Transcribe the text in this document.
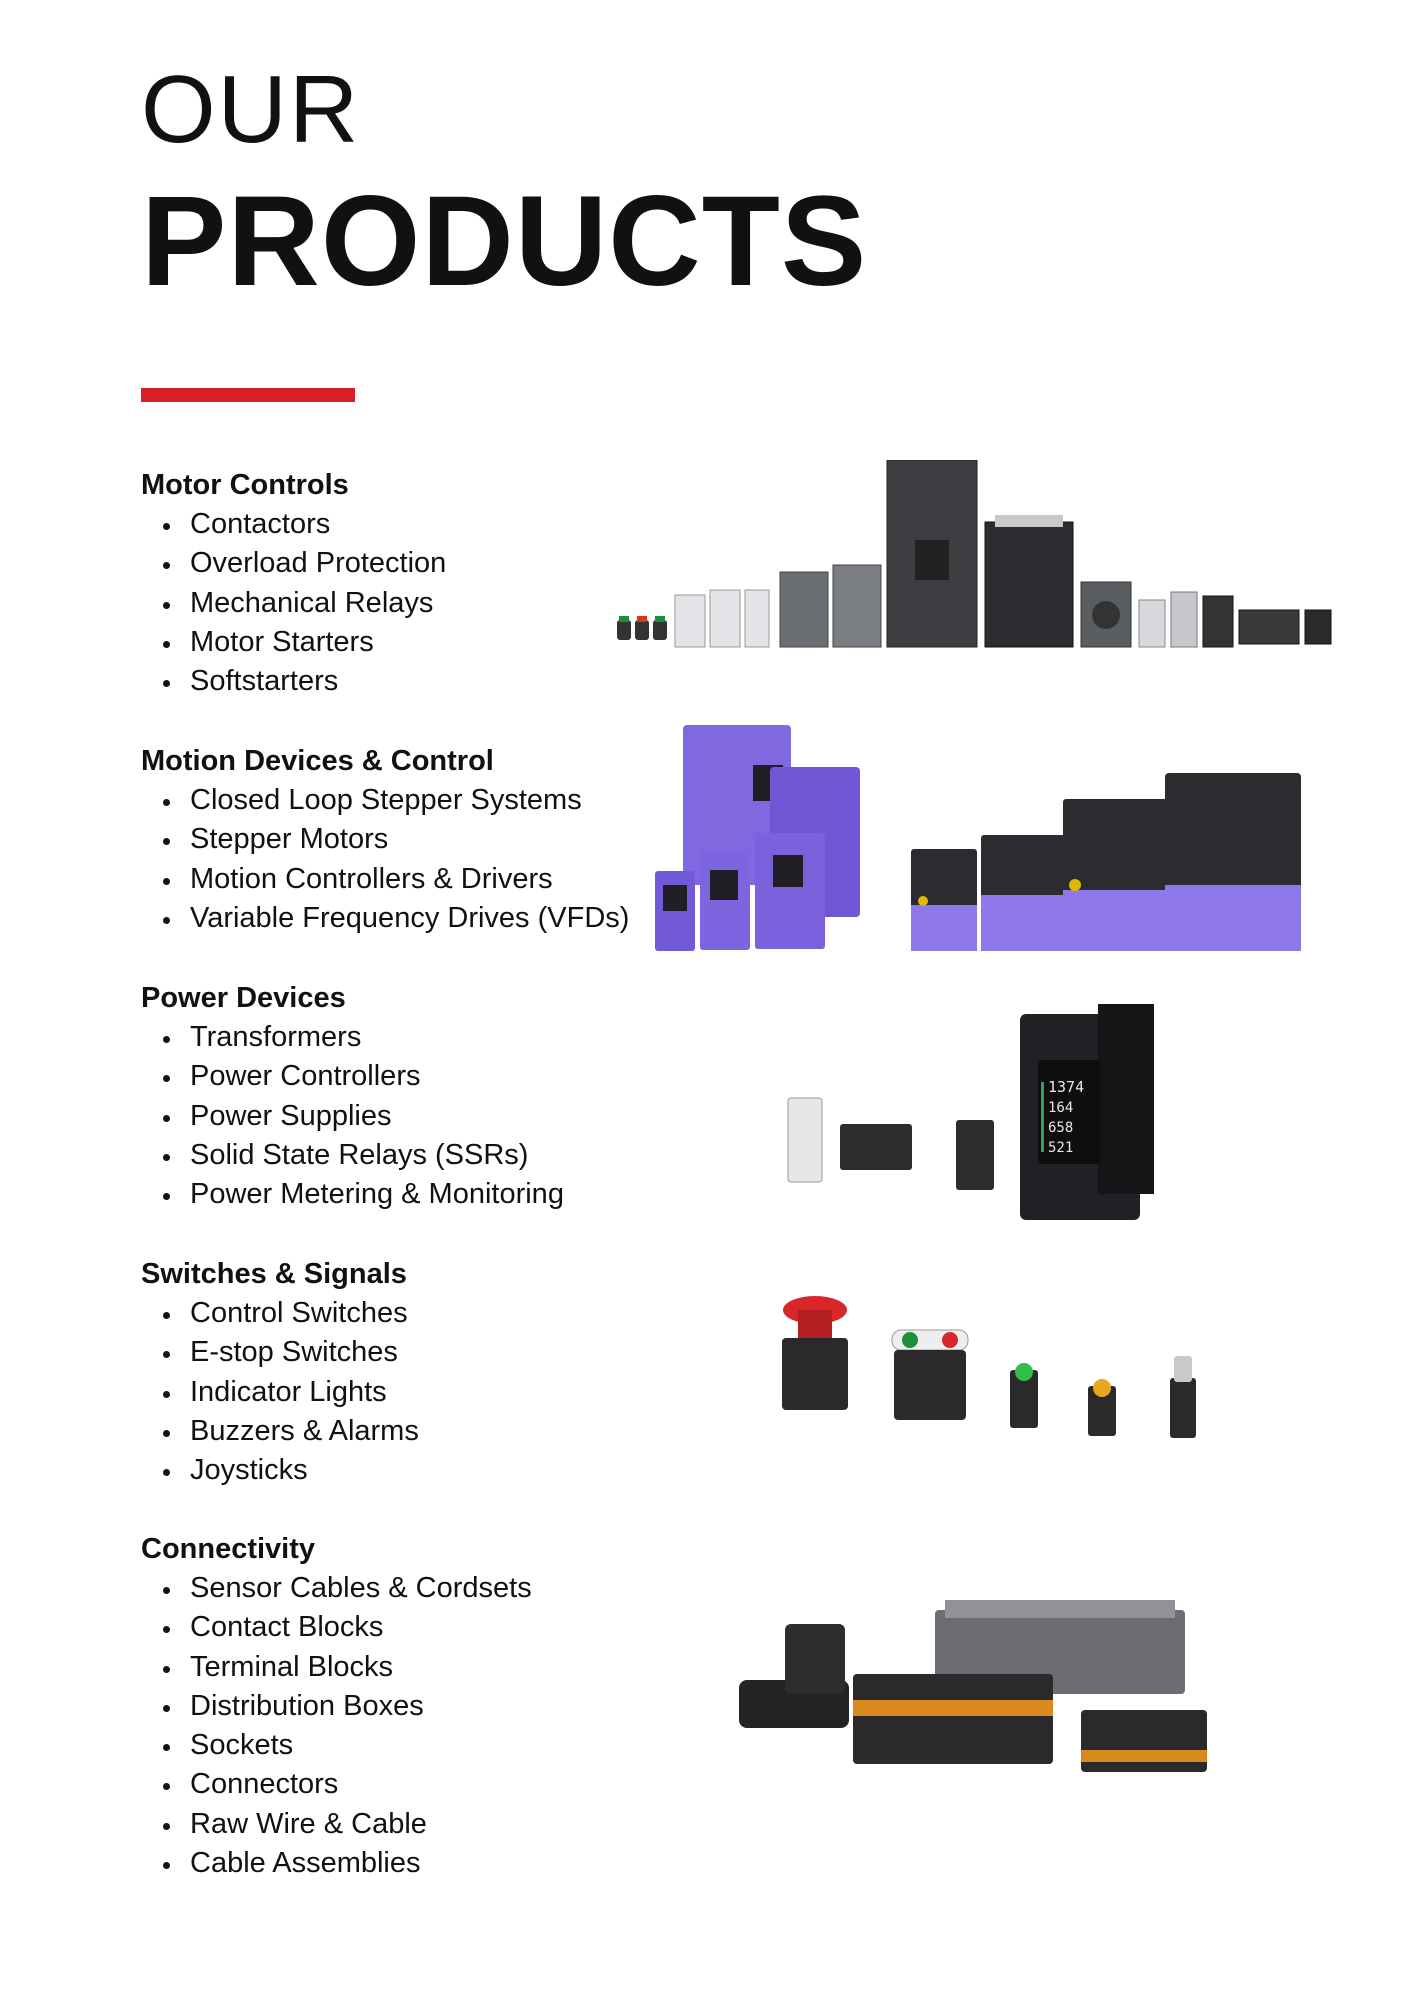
OUR
PRODUCTS
Motor Controls
Contactors
Overload Protection
Mechanical Relays
Motor Starters
Softstarters
Motion Devices & Control
Closed Loop Stepper Systems
Stepper Motors
Motion Controllers & Drivers
Variable Frequency Drives (VFDs)
Power Devices
Transformers
Power Controllers
Power Supplies
Solid State Relays (SSRs)
Power Metering & Monitoring
Switches & Signals
Control Switches
E-stop Switches
Indicator Lights
Buzzers & Alarms
Joysticks
Connectivity
Sensor Cables & Cordsets
Contact Blocks
Terminal Blocks
Distribution Boxes
Sockets
Connectors
Raw Wire & Cable
Cable Assemblies
1374
164
658
521
